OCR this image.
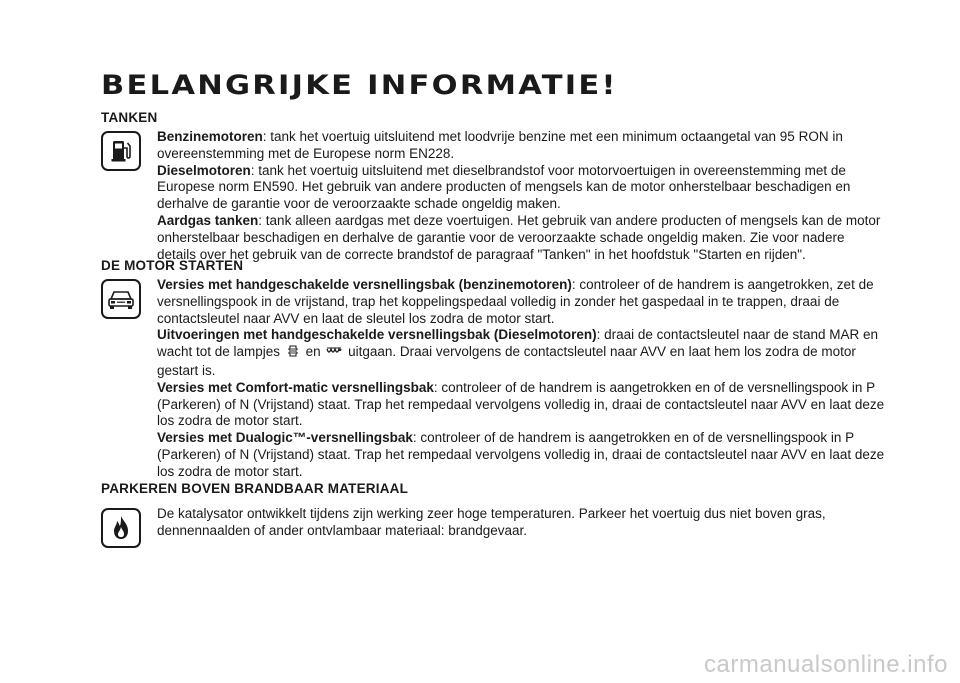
BELANGRIJKE INFORMATIE!
TANKEN

Benzinemotoren: tank het voertuig uitsluitend met loodvrije benzine met een minimum octaangetal van 95 RON in overeenstemming met de Europese norm EN228.

Dieselmotoren: tank het voertuig uitsluitend met dieselbrandstof voor motorvoertuigen in overeenstemming met de Europese norm EN590. Het gebruik van andere producten of mengsels kan de motor onherstelbaar beschadigen en derhalve de garantie voor de veroorzaakte schade ongeldig maken.

Aardgas tanken: tank alleen aardgas met deze voertuigen. Het gebruik van andere producten of mengsels kan de motor onherstelbaar beschadigen en derhalve de garantie voor de veroorzaakte schade ongeldig maken. Zie voor nadere details over het gebruik van de correcte brandstof de paragraaf "Tanken" in het hoofdstuk "Starten en rijden".

DE MOTOR STARTEN

Versies met handgeschakelde versnellingsbak (benzinemotoren): controleer of de handrem is aangetrokken, zet de versnellingspook in de vrijstand, trap het koppelingspedaal volledig in zonder het gaspedaal in te trappen, draai de contactsleutel naar AVV en laat de sleutel los zodra de motor start.

Uitvoeringen met handgeschakelde versnellingsbak (Dieselmotoren): draai de contactsleutel naar de stand MAR en wacht tot de lampjes  en  uitgaan. Draai vervolgens de contactsleutel naar AVV en laat hem los zodra de motor gestart is.

Versies met Comfort-matic versnellingsbak: controleer of de handrem is aangetrokken en of de versnellingspook in P (Parkeren) of N (Vrijstand) staat. Trap het rempedaal vervolgens volledig in, draai de contactsleutel naar AVV en laat deze los zodra de motor start.

Versies met Dualogic™-versnellingsbak: controleer of de handrem is aangetrokken en of de versnellingspook in P (Parkeren) of N (Vrijstand) staat. Trap het rempedaal vervolgens volledig in, draai de contactsleutel naar AVV en laat deze los zodra de motor start.

PARKEREN BOVEN BRANDBAAR MATERIAAL

De katalysator ontwikkelt tijdens zijn werking zeer hoge temperaturen. Parkeer het voertuig dus niet boven gras, dennennaalden of ander ontvlambaar materiaal: brandgevaar.

carmanualsonline.info
